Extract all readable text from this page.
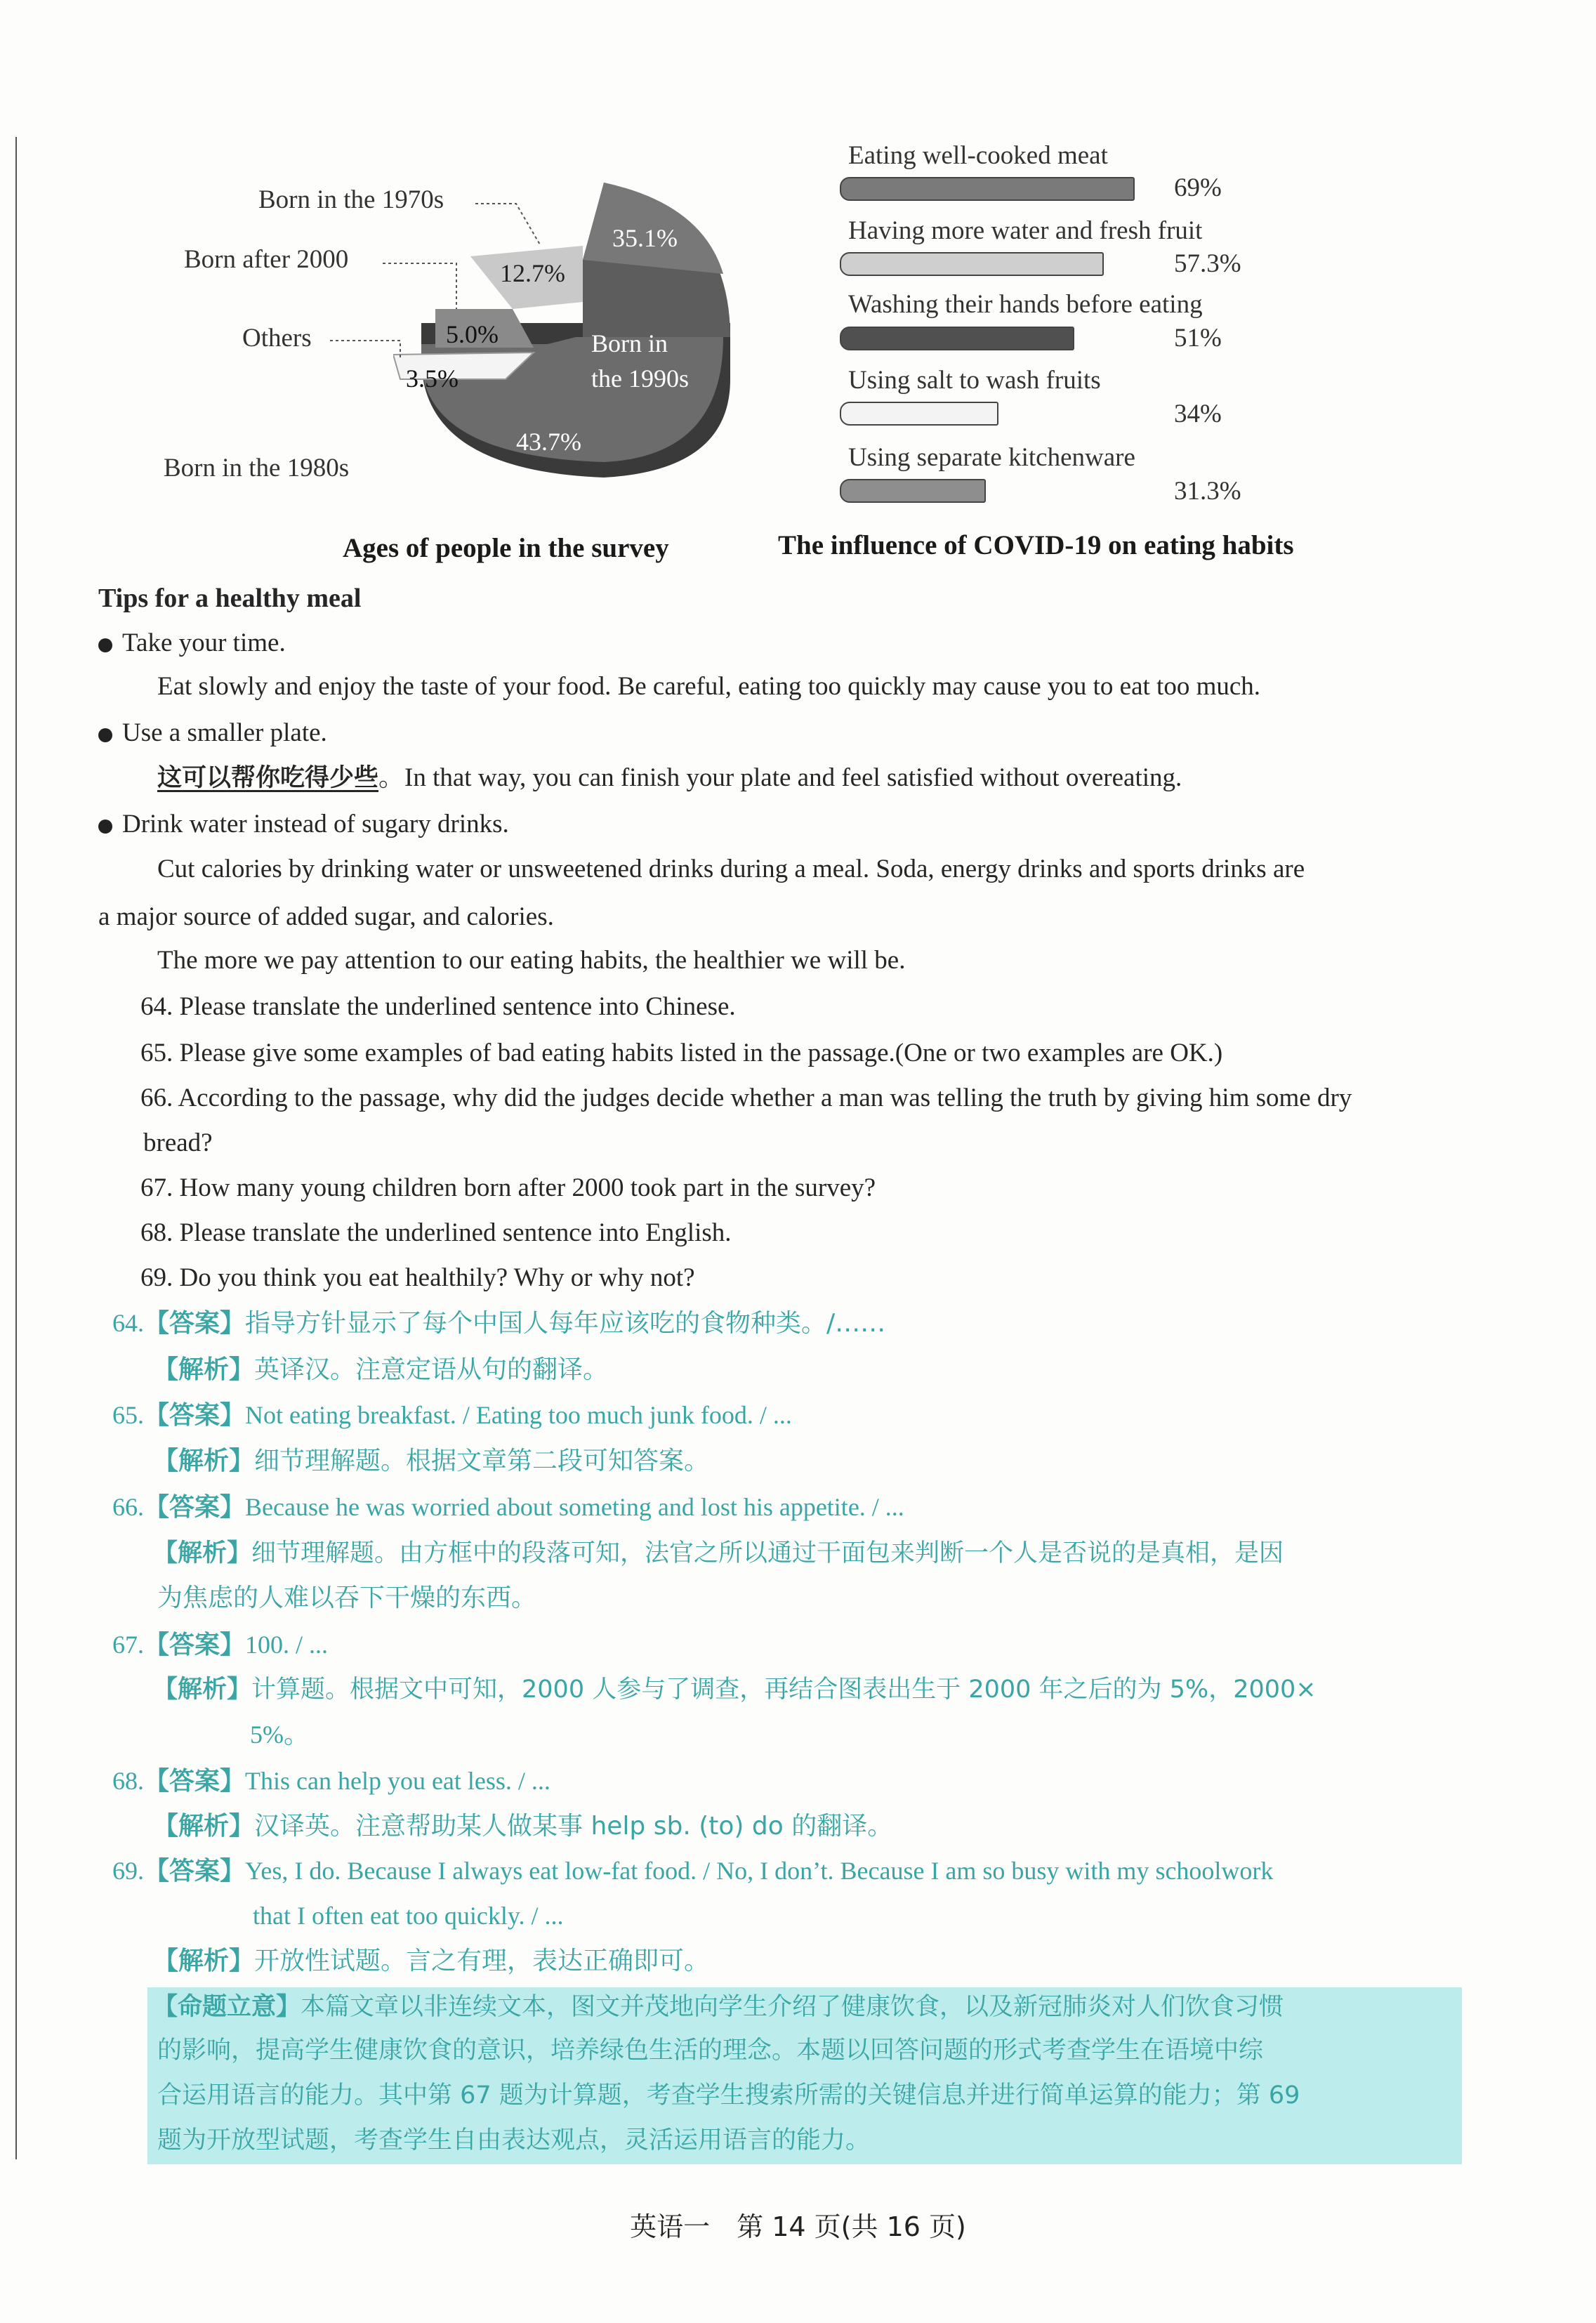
Born in the 1970s
Born after 2000
Others
Born in the 1980s
35.1%
12.7%
5.0%
3.5%
Born in
the 1990s
43.7%
Ages of people in the survey
Eating well-cooked meat
69%
Having more water and fresh fruit
57.3%
Washing their hands before eating
51%
Using salt to wash fruits
34%
Using separate kitchenware
31.3%
The influence of COVID-19 on eating habits
Tips for a healthy meal
Take your time.
Eat slowly and enjoy the taste of your food. Be careful, eating too quickly may cause you to eat too much.
Use a smaller plate.
这可以帮你吃得少些。In that way, you can finish your plate and feel satisfied without overeating.
Drink water instead of sugary drinks.
Cut calories by drinking water or unsweetened drinks during a meal. Soda, energy drinks and sports drinks are
a major source of added sugar, and calories.
The more we pay attention to our eating habits, the healthier we will be.
64. Please translate the underlined sentence into Chinese.
65. Please give some examples of bad eating habits listed in the passage.(One or two examples are OK.)
66. According to the passage, why did the judges decide whether a man was telling the truth by giving him some dry
bread?
67. How many young children born after 2000 took part in the survey?
68. Please translate the underlined sentence into English.
69. Do you think you eat healthily? Why or why not?
64.【答案】指导方针显示了每个中国人每年应该吃的食物种类。/……
【解析】英译汉。注意定语从句的翻译。
65.【答案】Not eating breakfast. / Eating too much junk food. / ...
【解析】细节理解题。根据文章第二段可知答案。
66.【答案】Because he was worried about someting and lost his appetite. / ...
【解析】细节理解题。由方框中的段落可知，法官之所以通过干面包来判断一个人是否说的是真相，是因
为焦虑的人难以吞下干燥的东西。
67.【答案】100. / ...
【解析】计算题。根据文中可知，2000 人参与了调查，再结合图表出生于 2000 年之后的为 5%，2000×
5%。
68.【答案】This can help you eat less. / ...
【解析】汉译英。注意帮助某人做某事 help sb. (to) do 的翻译。
69.【答案】Yes, I do. Because I always eat low-fat food. / No, I don’t. Because I am so busy with my schoolwork
that I often eat too quickly. / ...
【解析】开放性试题。言之有理，表达正确即可。
【命题立意】本篇文章以非连续文本，图文并茂地向学生介绍了健康饮食，以及新冠肺炎对人们饮食习惯
的影响，提高学生健康饮食的意识，培养绿色生活的理念。本题以回答问题的形式考查学生在语境中综
合运用语言的能力。其中第 67 题为计算题，考查学生搜索所需的关键信息并进行简单运算的能力；第 69
题为开放型试题，考查学生自由表达观点，灵活运用语言的能力。
英语一　第 14 页(共 16 页)
